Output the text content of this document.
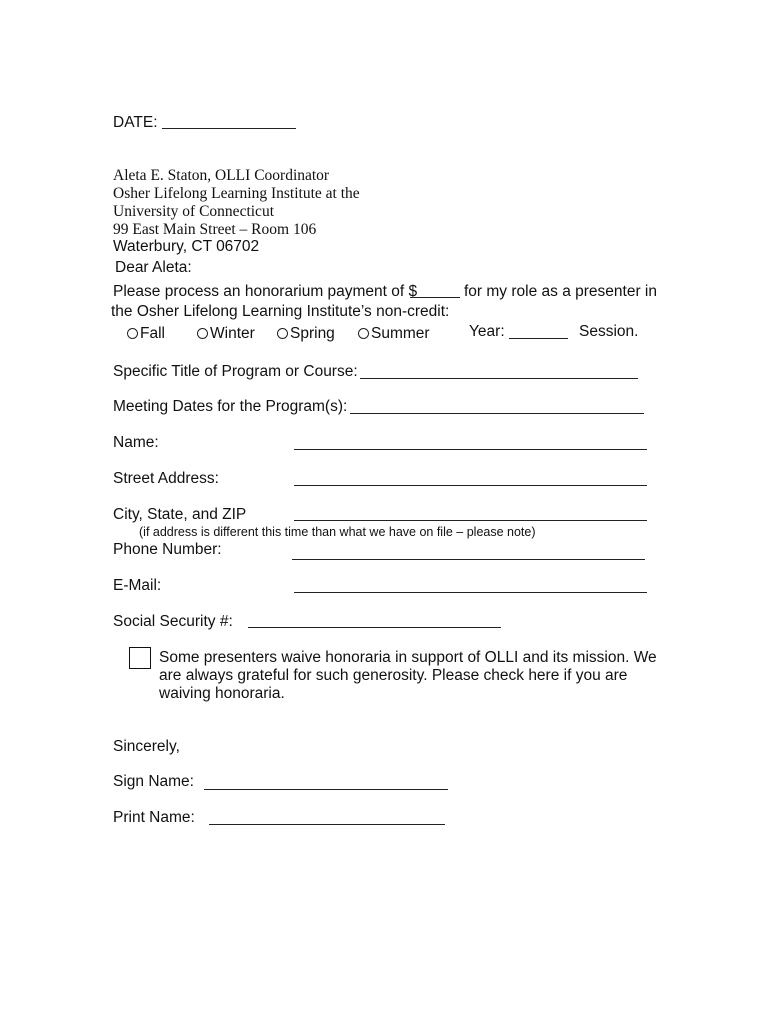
DATE:
Aleta E. Staton, OLLI Coordinator
Osher Lifelong Learning Institute at the
University of Connecticut
99 East Main Street – Room 106
Waterbury, CT 06702
Dear Aleta:
Please process an honorarium payment of $	for my role as a presenter in
the Osher Lifelong Learning Institute’s non-credit:
Fall	Winter	Spring	Summer	Year:	Session.
Specific Title of Program or Course:
Meeting Dates for the Program(s):
Name:
Street Address:
City, State, and ZIP
(if address is different this time than what we have on file – please note)
Phone Number:
E-Mail:
Social Security #:
Some presenters waive honoraria in support of OLLI and its mission. We
are always grateful for such generosity. Please check here if you are
waiving honoraria.
Sincerely,
Sign Name:
Print Name:
